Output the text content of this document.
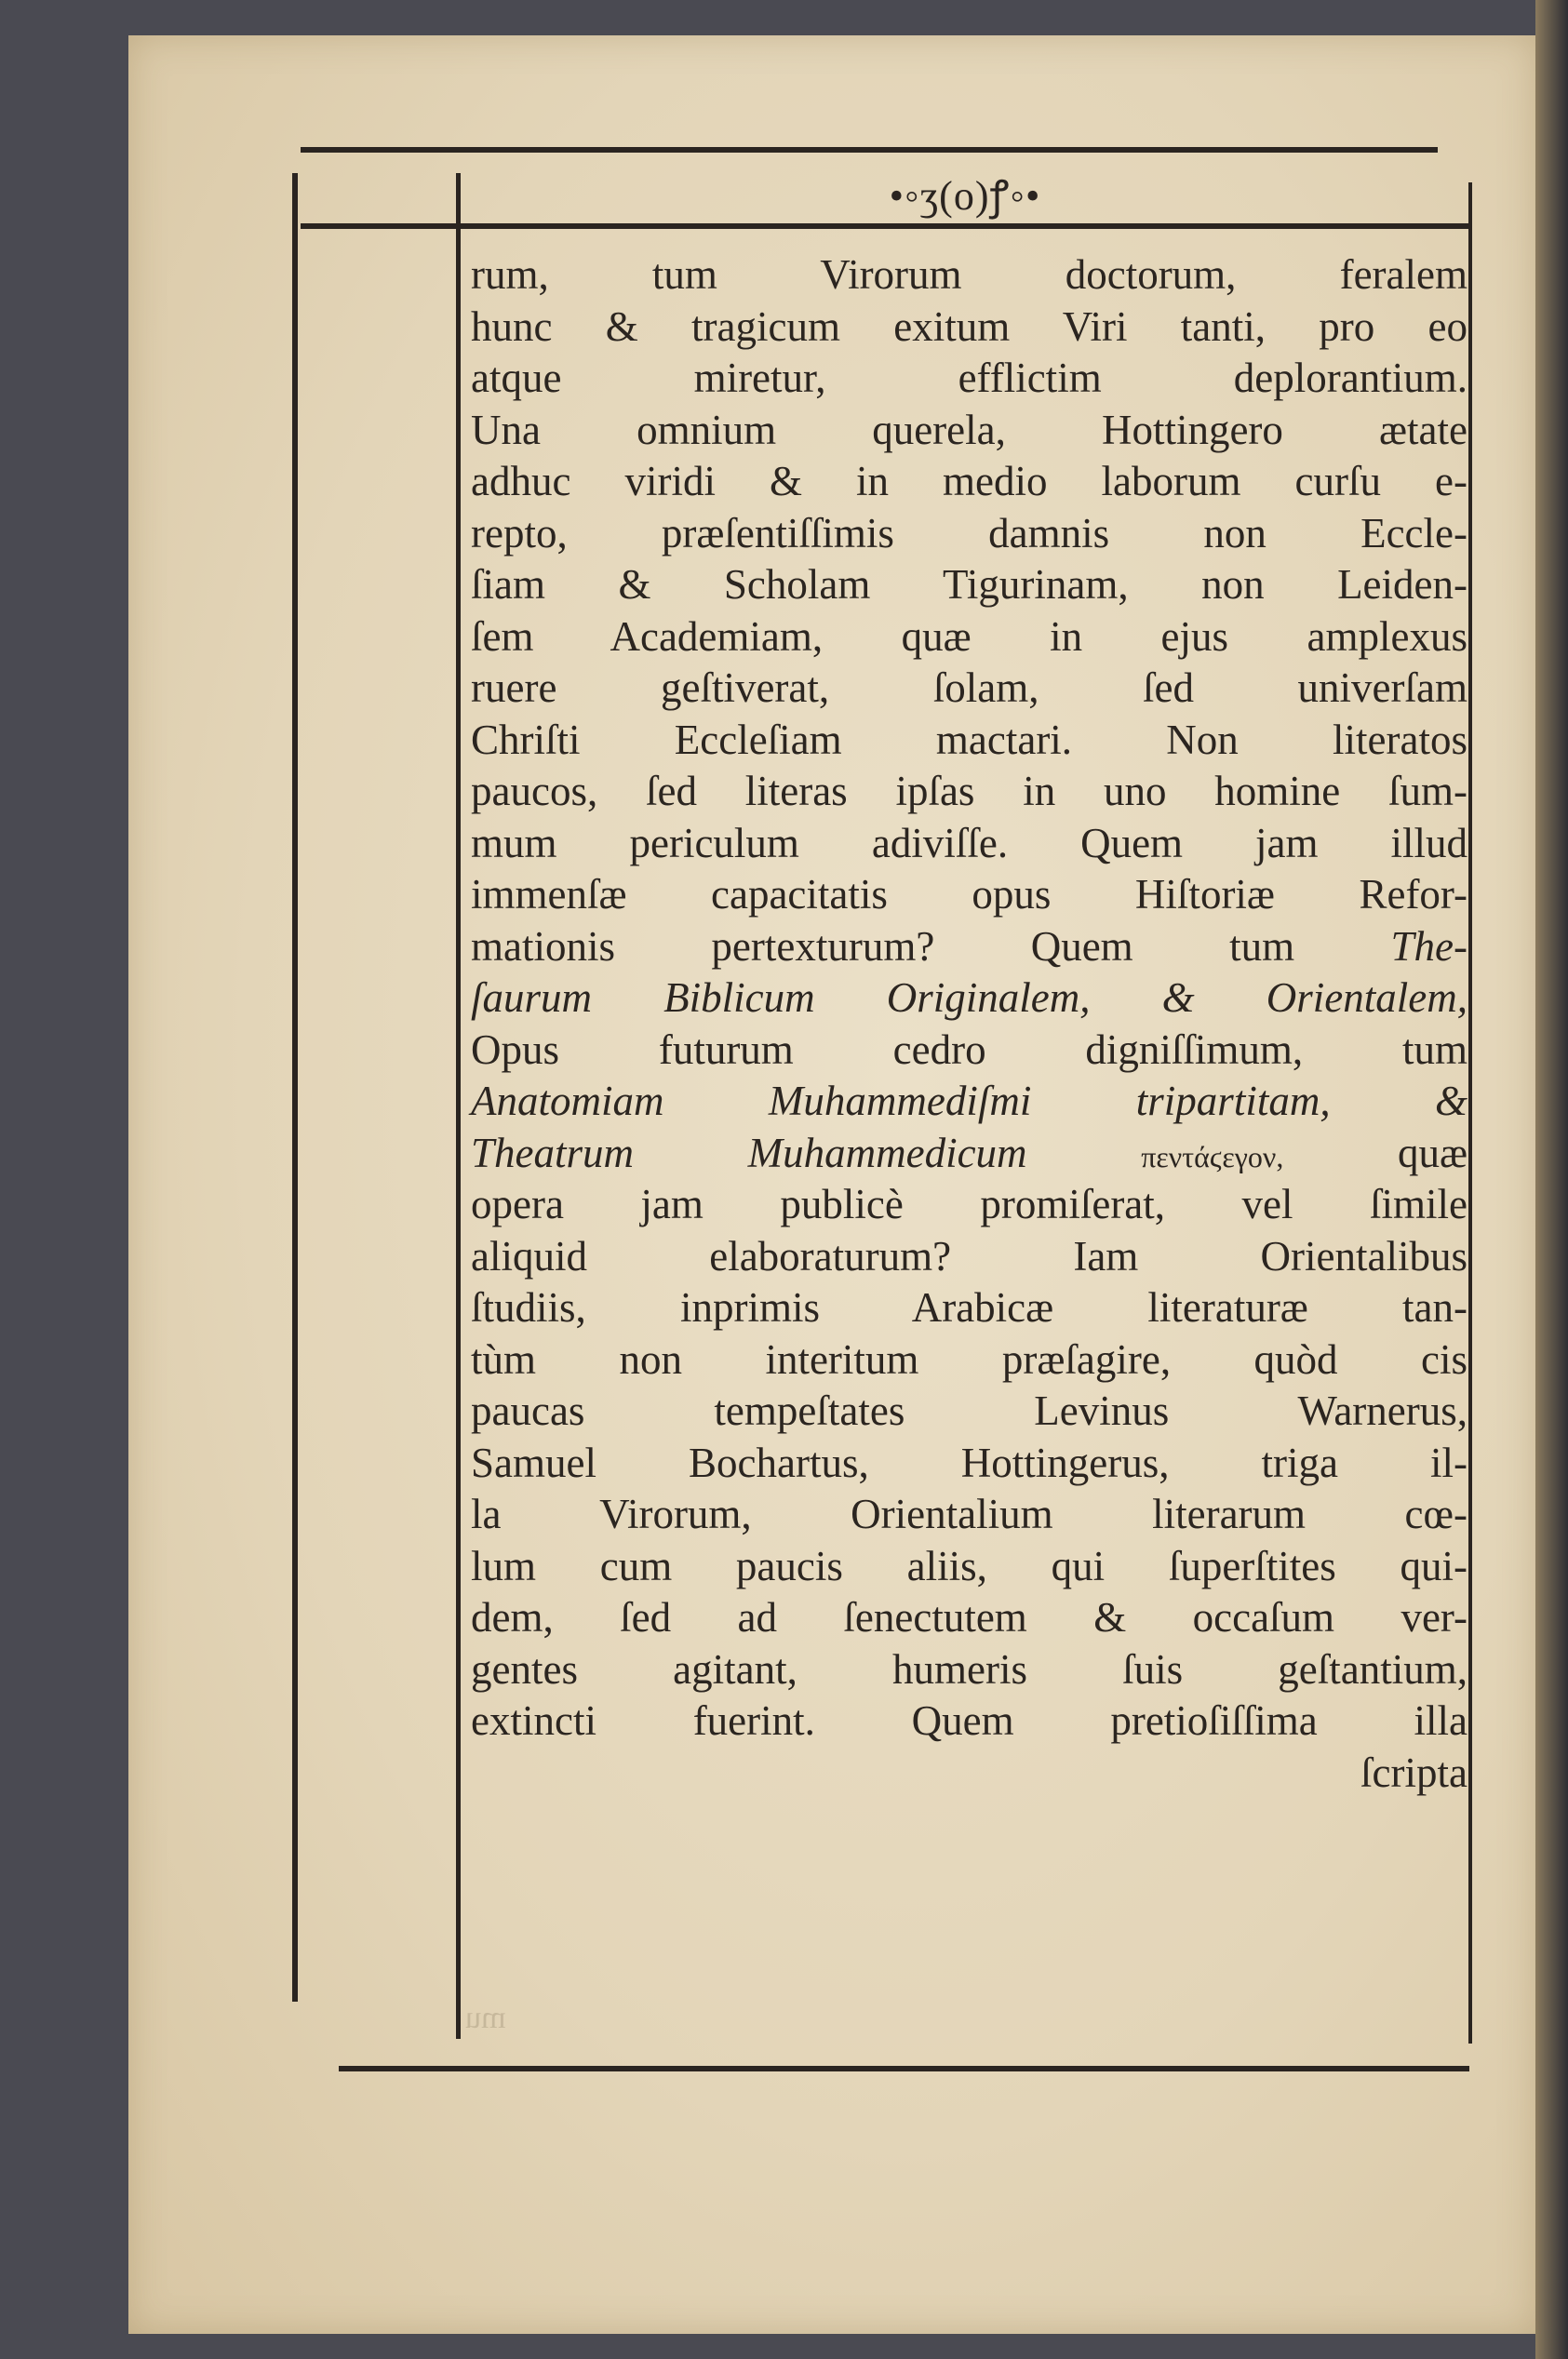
•◦ʒ(o)ꝭ◦•
rum, tum Virorum doctorum, feralem
hunc & tragicum exitum Viri tanti, pro eo
atque miretur, efflictim deplorantium.
Una omnium querela, Hottingero ætate
adhuc viridi & in medio laborum curſu e-
repto, præſentiſſimis damnis non Eccle-
ſiam & Scholam Tigurinam, non Leiden-
ſem Academiam, quæ in ejus amplexus
ruere geſtiverat, ſolam, ſed univerſam
Chriſti Eccleſiam mactari. Non literatos
paucos, ſed literas ipſas in uno homine ſum-
mum periculum adiviſſe. Quem jam illud
immenſæ capacitatis opus Hiſtoriæ Refor-
mationis pertexturum? Quem tum The-
ſaurum Biblicum Originalem, & Orientalem,
Opus futurum cedro digniſſimum, tum
Anatomiam Muhammediſmi tripartitam, &
Theatrum Muhammedicum	πεντάϛεγον,	quæ
opera jam publicè promiſerat, vel ſimile
aliquid elaboraturum? Iam Orientalibus
ſtudiis, inprimis Arabicæ literaturæ tan-
tùm non interitum præſagire, quòd cis
paucas tempeſtates Levinus Warnerus,
Samuel Bochartus, Hottingerus, triga il-
la Virorum, Orientalium literarum cœ-
lum cum paucis aliis, qui ſuperſtites qui-
dem, ſed ad ſenectutem & occaſum ver-
gentes agitant, humeris ſuis geſtantium,
extincti fuerint. Quem pretioſiſſima illa
ſcripta
mu
